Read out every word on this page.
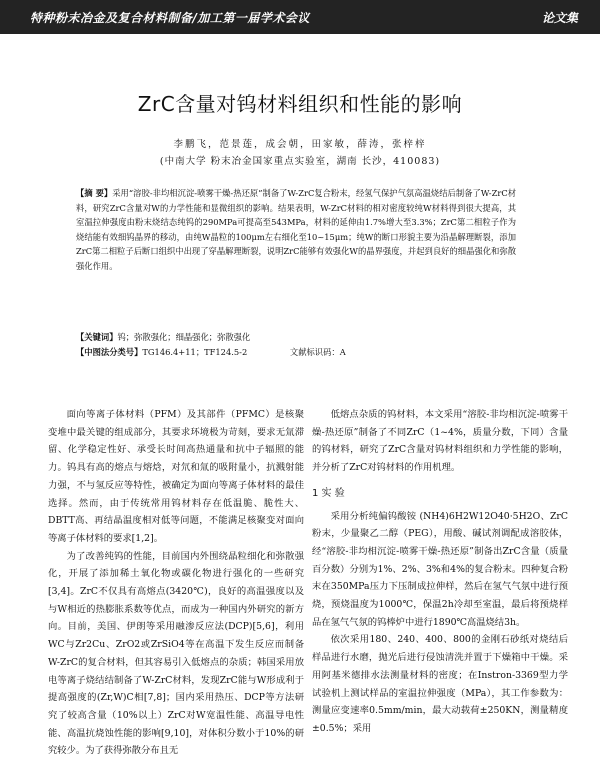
特种粉末冶金及复合材料制备/加工第一届学术会议	论文集
ZrC含量对钨材料组织和性能的影响
李鹏飞，范景莲，成会朝，田家敏，薛涛，张梓梓
(中南大学 粉末冶金国家重点实验室，湖南 长沙，410083)
【摘 要】采用“溶胶-非均相沉淀-喷雾干燥-热还原”制备了W-ZrC复合粉末，经氢气保护气氛高温烧结后制备了W-ZrC材料，研究ZrC含量对W的力学性能和显微组织的影响。结果表明，W-ZrC材料的相对密度较纯W材料得到很大提高，其室温拉伸强度由粉末烧结态纯钨的290MPa可提高至543MPa，材料的延伸由1.7%增大至3.3%；ZrC第二相粒子作为烧结能有效细钨晶界的移动，由纯W晶粒的100μm左右细化至10~15μm；纯W的断口形貌主要为沿晶解理断裂，添加ZrC第二相粒子后断口组织中出现了穿晶解理断裂，说明ZrC能够有效强化W的晶界强度，并起到良好的细晶强化和弥散强化作用。
【关键词】钨；弥散强化；细晶强化；弥散强化
【中图法分类号】TG146.4+11；TF124.5-2	文献标识码：A

面向等离子体材料（PFM）及其部件（PFMC）是核聚变堆中最关键的组成部分，其要求环境极为苛刻，要求无氚滞留、化学稳定性好、承受长时间高热通量和抗中子辐照的能力。钨具有高的熔点与熔焓，对氘和氚的吸附量小，抗溅射能力强，不与氢反应等特性，被确定为面向等离子体材料的最佳选择。然而，由于传统常用钨材料存在低温脆、脆性大、DBTT高、再结晶温度相对低等问题，不能满足核聚变对面向等离子体材料的要求[1,2]。

为了改善纯钨的性能，目前国内外围绕晶粒细化和弥散强化，开展了添加稀土氧化物或碳化物进行强化的一些研究[3,4]。ZrC不仅具有高熔点(3420℃)，良好的高温强度以及与W相近的热膨胀系数等优点，而成为一种国内外研究的新方向。目前，美国、伊朗等采用融渗反应法(DCP)[5,6]，利用WC与Zr2Cu、ZrO2或ZrSiO4等在高温下发生反应而制备W-ZrC的复合材料，但其容易引入低熔点的杂质；韩国采用放电等离子烧结结制备了W-ZrC材料，发现ZrC能与W形成利于提高强度的(Zr,W)C相[7,8]；国内采用热压、DCP等方法研究了较高含量（10%以上）ZrC对W宽温性能、高温导电性能、高温抗烧蚀性能的影响[9,10]，对体积分数小于10%的研究较少。为了获得弥散分布且无

低熔点杂质的钨材料，本文采用“溶胶-非均相沉淀-喷雾干燥-热还原”制备了不同ZrC（1~4%，质量分数，下同）含量的钨材料，研究了ZrC含量对钨材料组织和力学性能的影响，并分析了ZrC对钨材料的作用机理。

1 实 验

采用分析纯偏钨酸铵 (NH4)6H2W12O40·5H2O、ZrC粉末，少量聚乙二醇（PEG），用酸、碱试剂调配成溶胶体，经“溶胶-非均相沉淀-喷雾干燥-热还原”制备出ZrC含量（质量百分数）分别为1%、2%、3%和4%的复合粉末。四种复合粉末在350MPa压力下压制成拉伸样，然后在氢气气氛中进行预烧，预烧温度为1000℃，保温2h冷却至室温，最后将预烧样品在氢气气氛的钨棒炉中进行1890℃高温烧结3h。

依次采用180、240、400、800的金刚石砂纸对烧结后样品进行水磨，抛光后进行侵蚀清洗并置于下燥箱中干燥。采用阿基米德排水法测量材料的密度；在Instron-3369型力学试验机上测试样品的室温拉伸强度（MPa），其工作参数为：测量应变速率0.5mm/min，最大动载荷±250KN，测量精度±0.5%；采用
